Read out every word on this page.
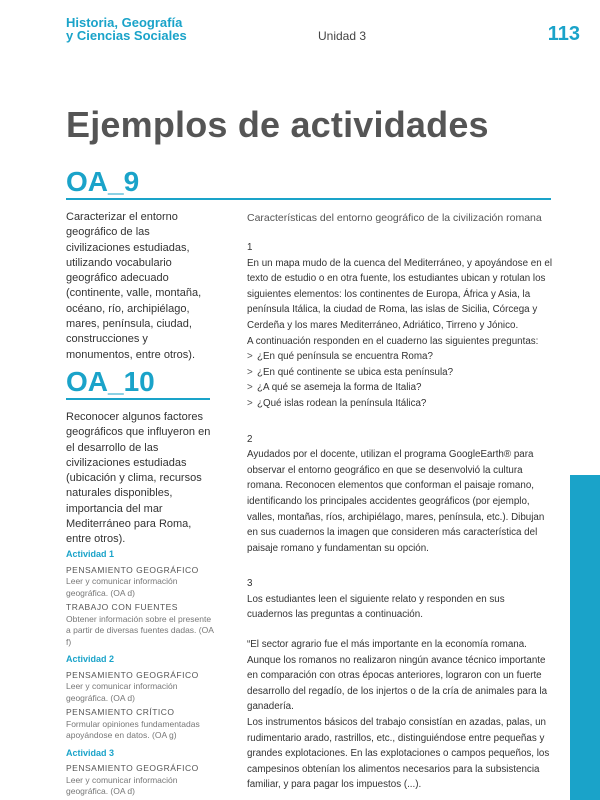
Historia, Geografía
y Ciencias Sociales	Unidad 3	113
Ejemplos de actividades
OA_9

Caracterizar el entorno geográfico de las civilizaciones estudiadas, utilizando vocabulario geográfico adecuado (continente, valle, montaña, océano, río, archipiélago, mares, península, ciudad, construcciones y monumentos, entre otros).

OA_10

Reconocer algunos factores geográficos que influyeron en el desarrollo de las civilizaciones estudiadas (ubicación y clima, recursos naturales disponibles, importancia del mar Mediterráneo para Roma, entre otros).

Actividad 1
PENSAMIENTO GEOGRÁFICO
Leer y comunicar información geográfica. (OA d)
TRABAJO CON FUENTES
Obtener información sobre el presente a partir de diversas fuentes dadas. (OA f)
Actividad 2
PENSAMIENTO GEOGRÁFICO
Leer y comunicar información geográfica. (OA d)
PENSAMIENTO CRÍTICO
Formular opiniones fundamentadas apoyándose en datos. (OA g)
Actividad 3
PENSAMIENTO GEOGRÁFICO
Leer y comunicar información geográfica. (OA d)
Características del entorno geográfico de la civilización romana
1

En un mapa mudo de la cuenca del Mediterráneo, y apoyándose en el texto de estudio o en otra fuente, los estudiantes ubican y rotulan los siguientes elementos: los continentes de Europa, África y Asia, la península Itálica, la ciudad de Roma, las islas de Sicilia, Córcega y Cerdeña y los mares Mediterráneo, Adriático, Tirreno y Jónico.

A continuación responden en el cuaderno las siguientes preguntas:

> ¿En qué península se encuentra Roma?
> ¿En qué continente se ubica esta península?
> ¿A qué se asemeja la forma de Italia?
> ¿Qué islas rodean la península Itálica?
2

Ayudados por el docente, utilizan el programa GoogleEarth® para observar el entorno geográfico en que se desenvolvió la cultura romana. Reconocen elementos que conforman el paisaje romano, identificando los principales accidentes geográficos (por ejemplo, valles, montañas, ríos, archipiélago, mares, península, etc.). Dibujan en sus cuadernos la imagen que consideren más característica del paisaje romano y fundamentan su opción.

3

Los estudiantes leen el siguiente relato y responden en sus cuadernos las preguntas a continuación.

“El sector agrario fue el más importante en la economía romana. Aunque los romanos no realizaron ningún avance técnico importante en comparación con otras épocas anteriores, lograron con un fuerte desarrollo del regadío, de los injertos o de la cría de animales para la ganadería.

Los instrumentos básicos del trabajo consistían en azadas, palas, un rudimentario arado, rastrillos, etc., distinguiéndose entre pequeñas y grandes explotaciones. En las explotaciones o campos pequeños, los campesinos obtenían los alimentos necesarios para la subsistencia familiar, y para pagar los impuestos (...).
